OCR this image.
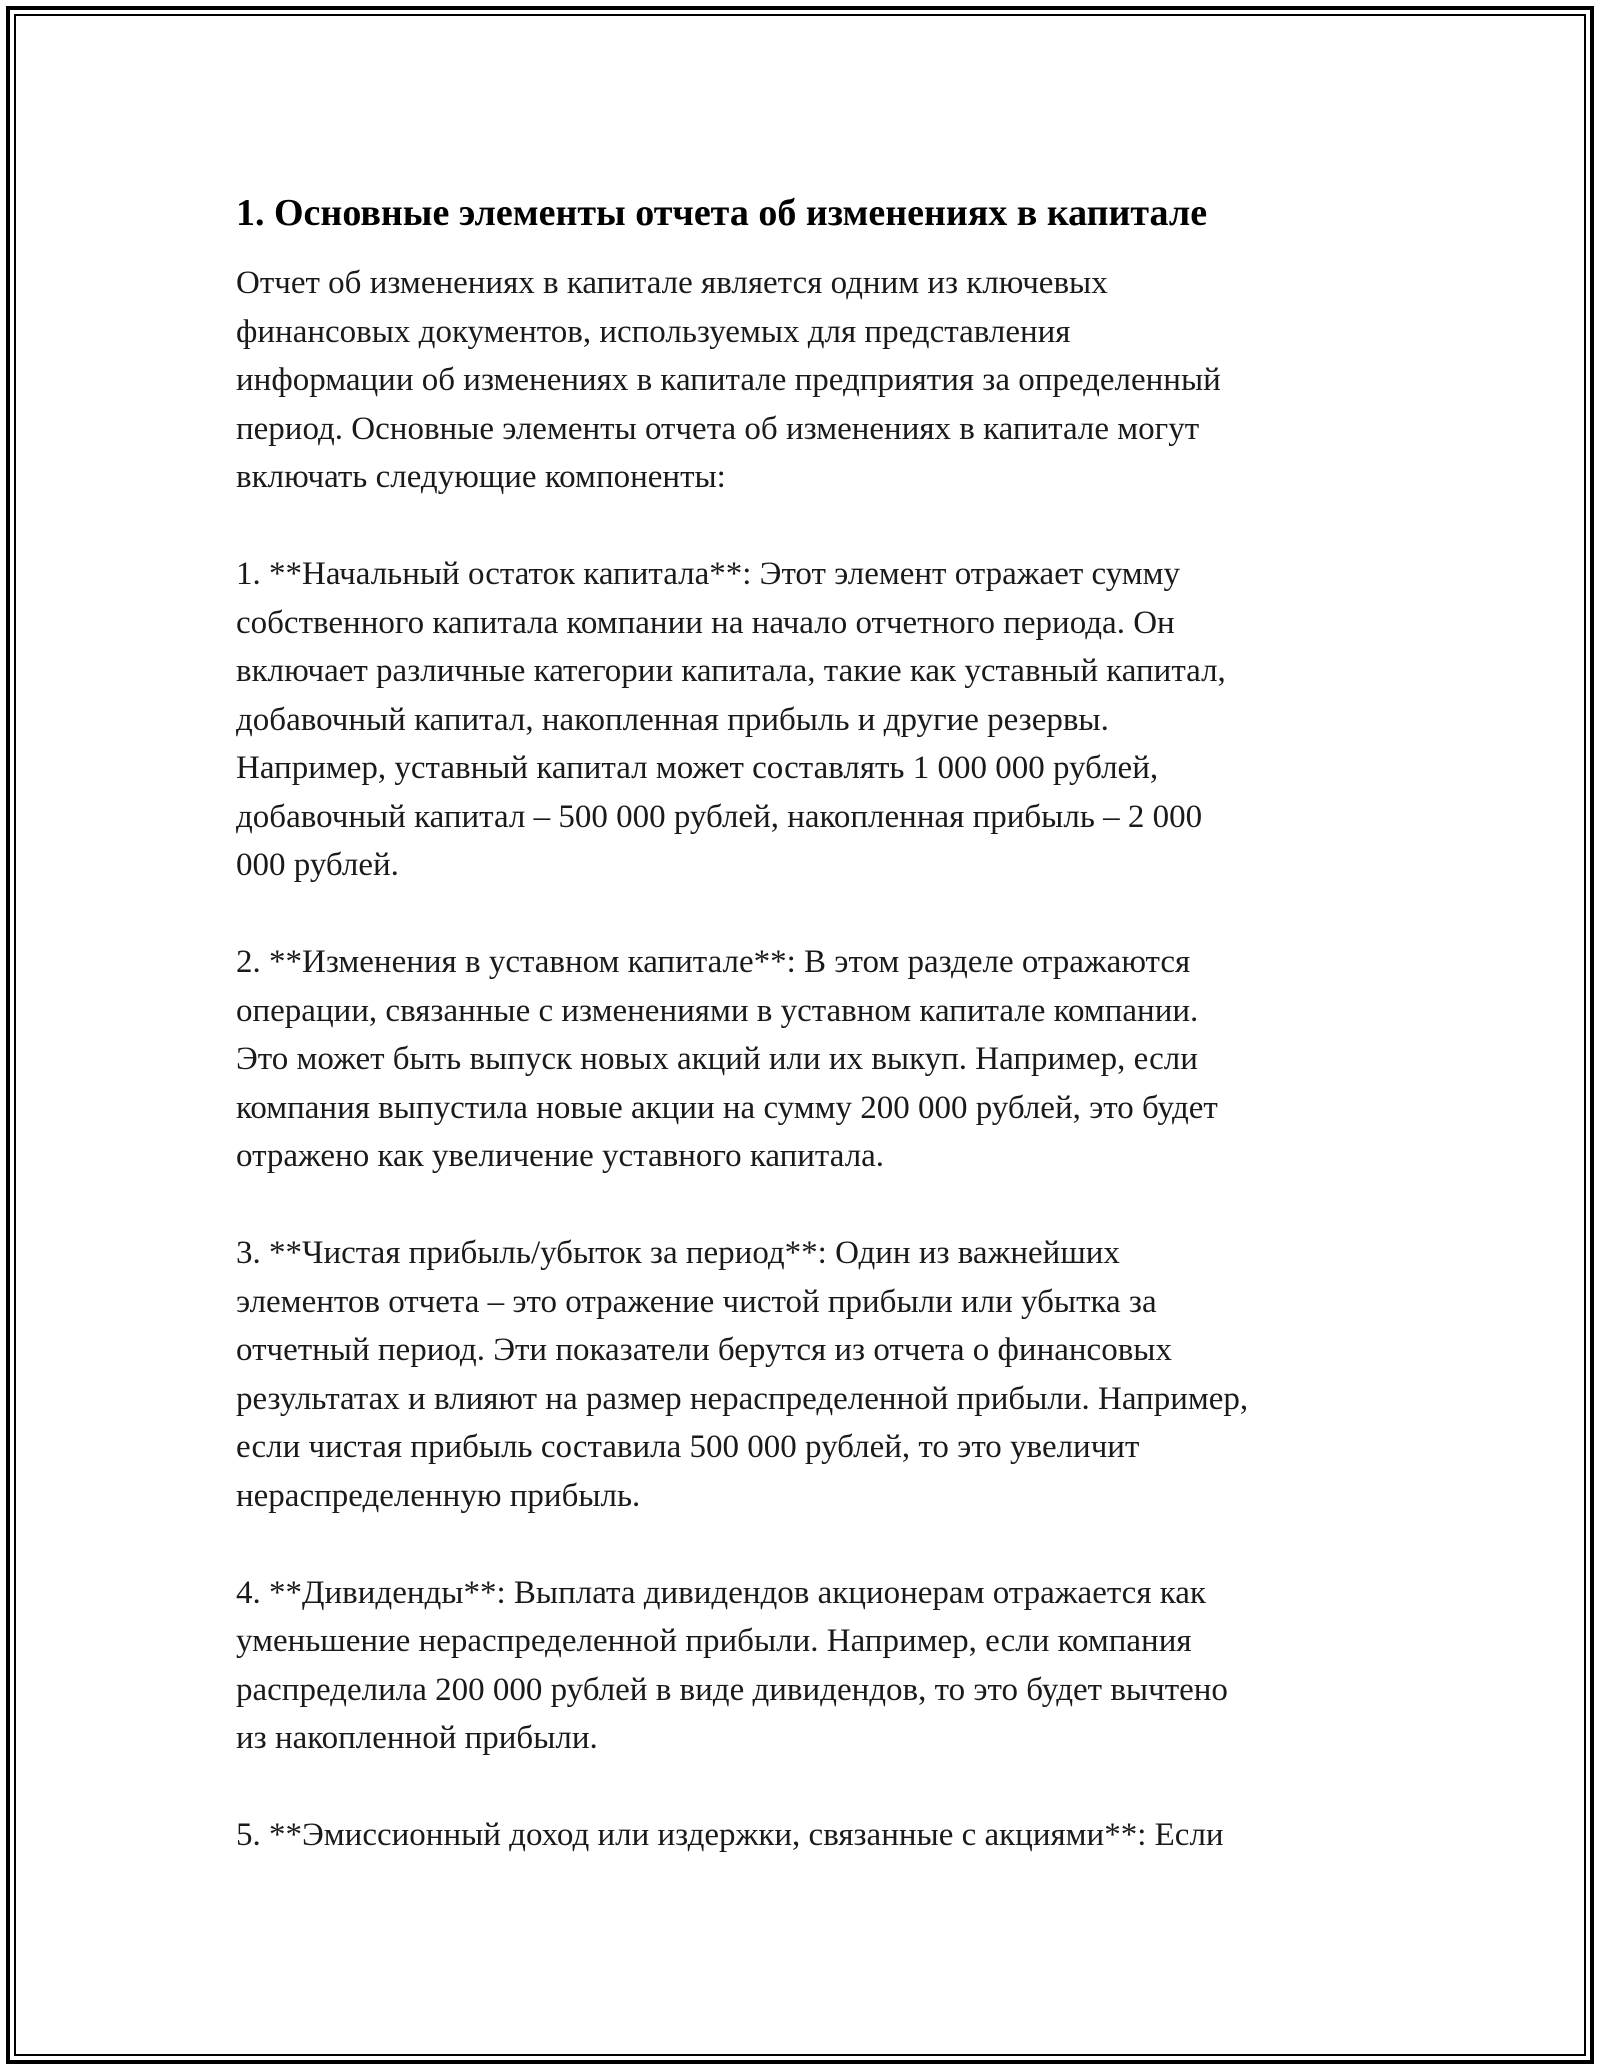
1. Основные элементы отчета об изменениях в капитале

Отчет об изменениях в капитале является одним из ключевых
финансовых документов, используемых для представления
информации об изменениях в капитале предприятия за определенный
период. Основные элементы отчета об изменениях в капитале могут
включать следующие компоненты:

1. **Начальный остаток капитала**: Этот элемент отражает сумму
собственного капитала компании на начало отчетного периода. Он
включает различные категории капитала, такие как уставный капитал,
добавочный капитал, накопленная прибыль и другие резервы.
Например, уставный капитал может составлять 1 000 000 рублей,
добавочный капитал – 500 000 рублей, накопленная прибыль – 2 000
000 рублей.

2. **Изменения в уставном капитале**: В этом разделе отражаются
операции, связанные с изменениями в уставном капитале компании.
Это может быть выпуск новых акций или их выкуп. Например, если
компания выпустила новые акции на сумму 200 000 рублей, это будет
отражено как увеличение уставного капитала.

3. **Чистая прибыль/убыток за период**: Один из важнейших
элементов отчета – это отражение чистой прибыли или убытка за
отчетный период. Эти показатели берутся из отчета о финансовых
результатах и влияют на размер нераспределенной прибыли. Например,
если чистая прибыль составила 500 000 рублей, то это увеличит
нераспределенную прибыль.

4. **Дивиденды**: Выплата дивидендов акционерам отражается как
уменьшение нераспределенной прибыли. Например, если компания
распределила 200 000 рублей в виде дивидендов, то это будет вычтено
из накопленной прибыли.

5. **Эмиссионный доход или издержки, связанные с акциями**: Если
